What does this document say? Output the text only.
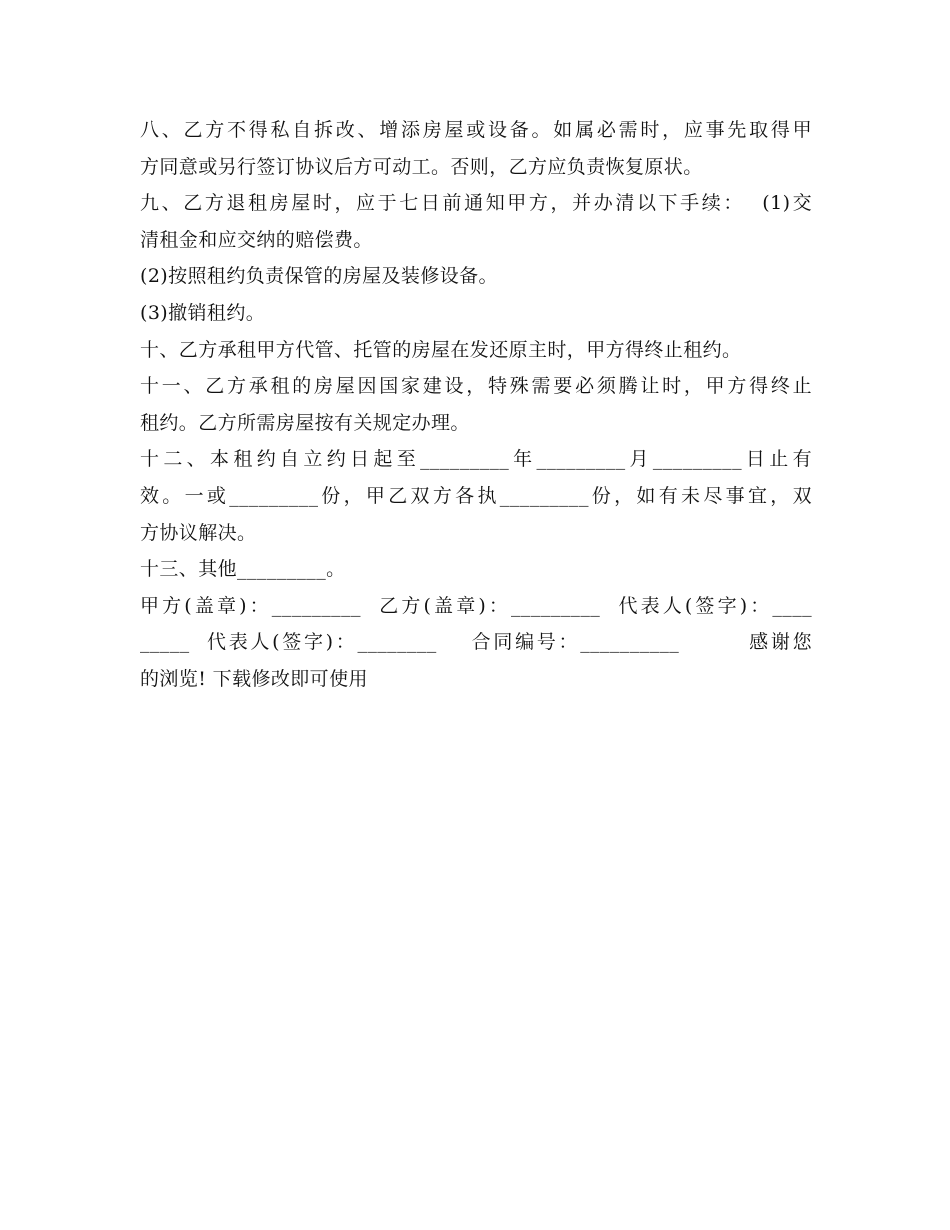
八、乙方不得私自拆改、增添房屋或设备。如属必需时，应事先取得甲
方同意或另行签订协议后方可动工。否则，乙方应负责恢复原状。
九、乙方退租房屋时，应于七日前通知甲方，并办清以下手续：  (1)交
清租金和应交纳的赔偿费。
(2)按照租约负责保管的房屋及装修设备。
(3)撤销租约。
十、乙方承租甲方代管、托管的房屋在发还原主时，甲方得终止租约。
十一、乙方承租的房屋因国家建设，特殊需要必须腾让时，甲方得终止
租约。乙方所需房屋按有关规定办理。
十二、本租约自立约日起至_________年_________月_________日止有
效。一或_________份，甲乙双方各执_________份，如有未尽事宜，双
方协议解决。
十三、其他_________。
甲方(盖章)：_________  乙方(盖章)：_________  代表人(签字)：____
_____  代表人(签字)：________    合同编号：__________        感谢您
的浏览! 下载修改即可使用
